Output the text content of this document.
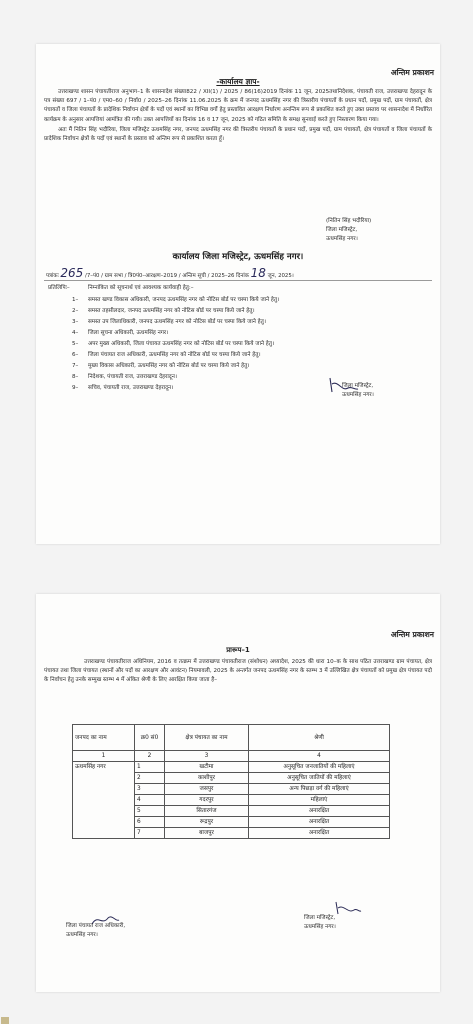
अन्तिम प्रकाशन
-कार्यालय ज्ञाप-

उत्तराखण्ड शासन पंचायतीराज अनुभाग–1 के शासनादेश संख्या822 / XII(1) / 2025 / 86(16)2019 दिनांक 11 जून, 2025तथानिदेशक, पंचायती राज, उत्तराखण्ड देहरादून के पत्र संख्या 697 / 1–पं0 / एम0–60 / निर्वा0 / 2025–26 दिनांक 11.06.2025 के क्रम में जनपद ऊधमसिंह नगर की त्रिस्तरीय पंचायतों के प्रधान पदों, प्रमुख पदों, ग्राम पंचायतों, क्षेत्र पंचायतों व जिला पंचायतों के प्रादेशिक निर्वाचन क्षेत्रों के पदों एवं स्थानों का विभिन्न वर्गो हेतु प्रस्तावित आरक्षण निर्धारण अनन्तिम रूप से प्रकाशित करते हुए उक्त प्रस्ताव पर शासनादेश में निर्धारित कार्यक्रम के अनुसार आपत्तियां आमंत्रित की गयी। उक्त आपत्तियों का दिनांक 16 व 17 जून, 2025 को गठित समिति के समक्ष सुनवाई करते हुए निस्तारण किया गया।

अतः मैं नितिन सिंह भदौरिया, जिला मजिस्ट्रेट ऊधमसिंह नगर, जनपद ऊधमसिंह नगर की त्रिस्तरीय पंचायतों के प्रधान पदों, प्रमुख पदों, ग्राम पंचायतों, क्षेत्र पंचायतों व जिला पंचायतों के प्रादेशिक निर्वाचन क्षेत्रों के पदों एवं स्थानों के प्रस्ताव को अन्तिम रूप से प्रकाशित करता हूँ।

(नितिन सिंह भदौरिया)
जिला मजिस्ट्रेट,
ऊधमसिंह नगर।
कार्यालय जिला मजिस्ट्रेट, ऊधमसिंह नगर।
पत्रांकः 265 /7–पं0 / ग्राम सभा / त्रि0पं0–आरक्षण–2019 / अन्तिम सूची / 2025–26 दिनांक 18 जून, 2025।
प्रतिलिपिः–	निम्नांकित को सूचनार्थ एवं आवश्यक कार्यवाही हेतु:–
1– समस्त खण्ड विकास अधिकारी, जनपद ऊधमसिंह नगर को नोटिस बोर्ड पर चस्पा किये जाने हेतु।
2– समस्त तहसीलदार, जनपद ऊधमसिंह नगर को नोटिस बोर्ड पर चस्पा किये जाने हेतु।
3– समस्त उप जिलाधिकारी, जनपद ऊधमसिंह नगर को नोटिस बोर्ड पर चस्पा किये जाने हेतु।
4– जिला सूचना अधिकारी, ऊधमसिंह नगर।
5– अपर मुख्य अधिकारी, जिला पंचायत ऊधमसिंह नगर को नोटिस बोर्ड पर चस्पा किये जाने हेतु।
6– जिला पंचायत राज अधिकारी, ऊधमसिंह नगर को नोटिस बोर्ड पर चस्पा किये जाने हेतु।
7– मुख्य विकास अधिकारी, ऊधमसिंह नगर को नोटिस बोर्ड पर चस्पा किये जाने हेतु।
8– निदेशक, पंचायती राज, उत्तराखण्ड देहरादून।
9– सचिव, पंचायती राज, उत्तराखण्ड देहरादून।	जिला मजिस्ट्रेट,
ऊधमसिंह नगर।
अन्तिम प्रकाशन
प्रारूप–1

उत्तराखण्ड पंचायतीराज अधिनियम, 2016 व तत्क्रम में उत्तराखण्ड पंचायतीराज (संशोधन) अध्यादेश, 2025 की धारा 10–क के साथ पठित उत्तराखण्ड ग्राम पंचायत, क्षेत्र पंचायत तथा जिला पंचायत (स्थानों और पदों का आरक्षण और आवंटन) नियमावली, 2025 के अन्तर्गत जनपद ऊधमसिंह नगर के स्तम्भ 3 में उल्लिखित क्षेत्र पंचायतों को प्रमुख क्षेत्र पंचायत पदो के निर्वाचन हेतु उनके सम्मुख स्तम्भ 4 में अंकित श्रेणी के लिए आरक्षित किया जाता है–

जनपद का नाम	क्र0 सं0	क्षेत्र पंचायत का नाम	श्रेणी
1	2	3	4
ऊधमसिंह नगर	1	खटीमा	अनुसूचित जनजातियों की महिलाएं
	2	काशीपुर	अनुसूचित जातियों की महिलाएं
	3	जसपुर	अन्य पिछड़ा वर्ग की महिलाएं
	4	गदरपुर	महिलाएं
	5	सितारगंज	अनारक्षित
	6	रूद्रपुर	अनारक्षित
	7	बाजपुर	अनारक्षित
जिला पंचायत राज अधिकारी,
ऊधमसिंह नगर।
जिला मजिस्ट्रेट,
ऊधमसिंह नगर।
